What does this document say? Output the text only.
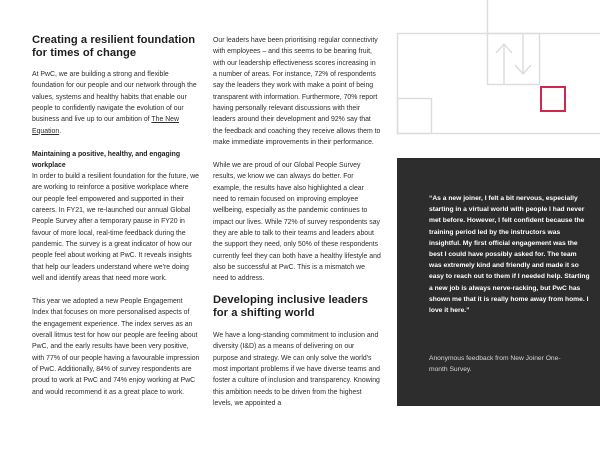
Creating a resilient foundation for times of change

At PwC, we are building a strong and flexible foundation for our people and our network through the values, systems and healthy habits that enable our people to confidently navigate the evolution of our business and live up to our ambition of The New Equation.

Maintaining a positive, healthy, and engaging workplace

In order to build a resilient foundation for the future, we are working to reinforce a positive workplace where our people feel empowered and supported in their careers. In FY21, we re-launched our annual Global People Survey after a temporary pause in FY20 in favour of more local, real-time feedback during the pandemic. The survey is a great indicator of how our people feel about working at PwC. It reveals insights that help our leaders understand where we're doing well and identify areas that need more work.

This year we adopted a new People Engagement Index that focuses on more personalised aspects of the engagement experience. The index serves as an overall litmus test for how our people are feeling about PwC, and the early results have been very positive, with 77% of our people having a favourable impression of PwC. Additionally, 84% of survey respondents are proud to work at PwC and 74% enjoy working at PwC and would recommend it as a great place to work.

Our leaders have been prioritising regular connectivity with employees – and this seems to be bearing fruit, with our leadership effectiveness scores increasing in a number of areas. For instance, 72% of respondents say the leaders they work with make a point of being transparent with information. Furthermore, 70% report having personally relevant discussions with their leaders around their development and 92% say that the feedback and coaching they receive allows them to make immediate improvements in their performance.

While we are proud of our Global People Survey results, we know we can always do better. For example, the results have also highlighted a clear need to remain focused on improving employee wellbeing, especially as the pandemic continues to impact our lives. While 72% of survey respondents say they are able to talk to their teams and leaders about the support they need, only 50% of these respondents currently feel they can both have a healthy lifestyle and also be successful at PwC. This is a mismatch we need to address.

Developing inclusive leaders for a shifting world

We have a long-standing commitment to inclusion and diversity (I&D) as a means of delivering on our purpose and strategy. We can only solve the world's most important problems if we have diverse teams and foster a culture of inclusion and transparency. Knowing this ambition needs to be driven from the highest levels, we appointed a

“As a new joiner, I felt a bit nervous, especially starting in a virtual world with people I had never met before. However, I felt confident because the training period led by the instructors was insightful. My first official engagement was the best I could have possibly asked for. The team was extremely kind and friendly and made it so easy to reach out to them if I needed help. Starting a new job is always nerve-racking, but PwC has shown me that it is really home away from home. I love it here.”

Anonymous feedback from New Joiner One-month Survey.
